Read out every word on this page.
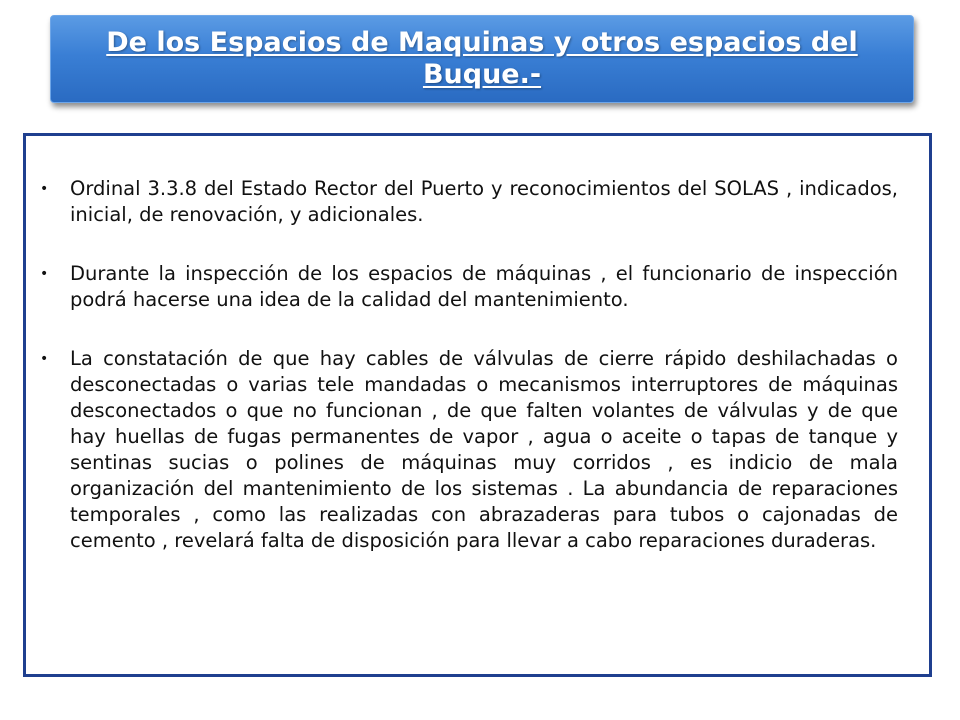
De los Espacios de Maquinas y otros espacios del Buque.-
• Ordinal 3.3.8 del Estado Rector del Puerto y reconocimientos del SOLAS , indicados, inicial, de renovación, y adicionales.
• Durante la inspección de los espacios de máquinas , el funcionario de inspección podrá hacerse una idea de la calidad del mantenimiento.
• La constatación de que hay cables de válvulas de cierre rápido deshilachadas o desconectadas o varias tele mandadas o mecanismos interruptores de máquinas desconectados o que no funcionan , de que falten volantes de válvulas y de que hay huellas de fugas permanentes de vapor , agua o aceite o tapas de tanque y sentinas sucias o polines de máquinas muy corridos , es indicio de mala organización del mantenimiento de los sistemas . La abundancia de reparaciones temporales , como las realizadas con abrazaderas para tubos o cajonadas de cemento , revelará falta de disposición para llevar a cabo reparaciones duraderas.
